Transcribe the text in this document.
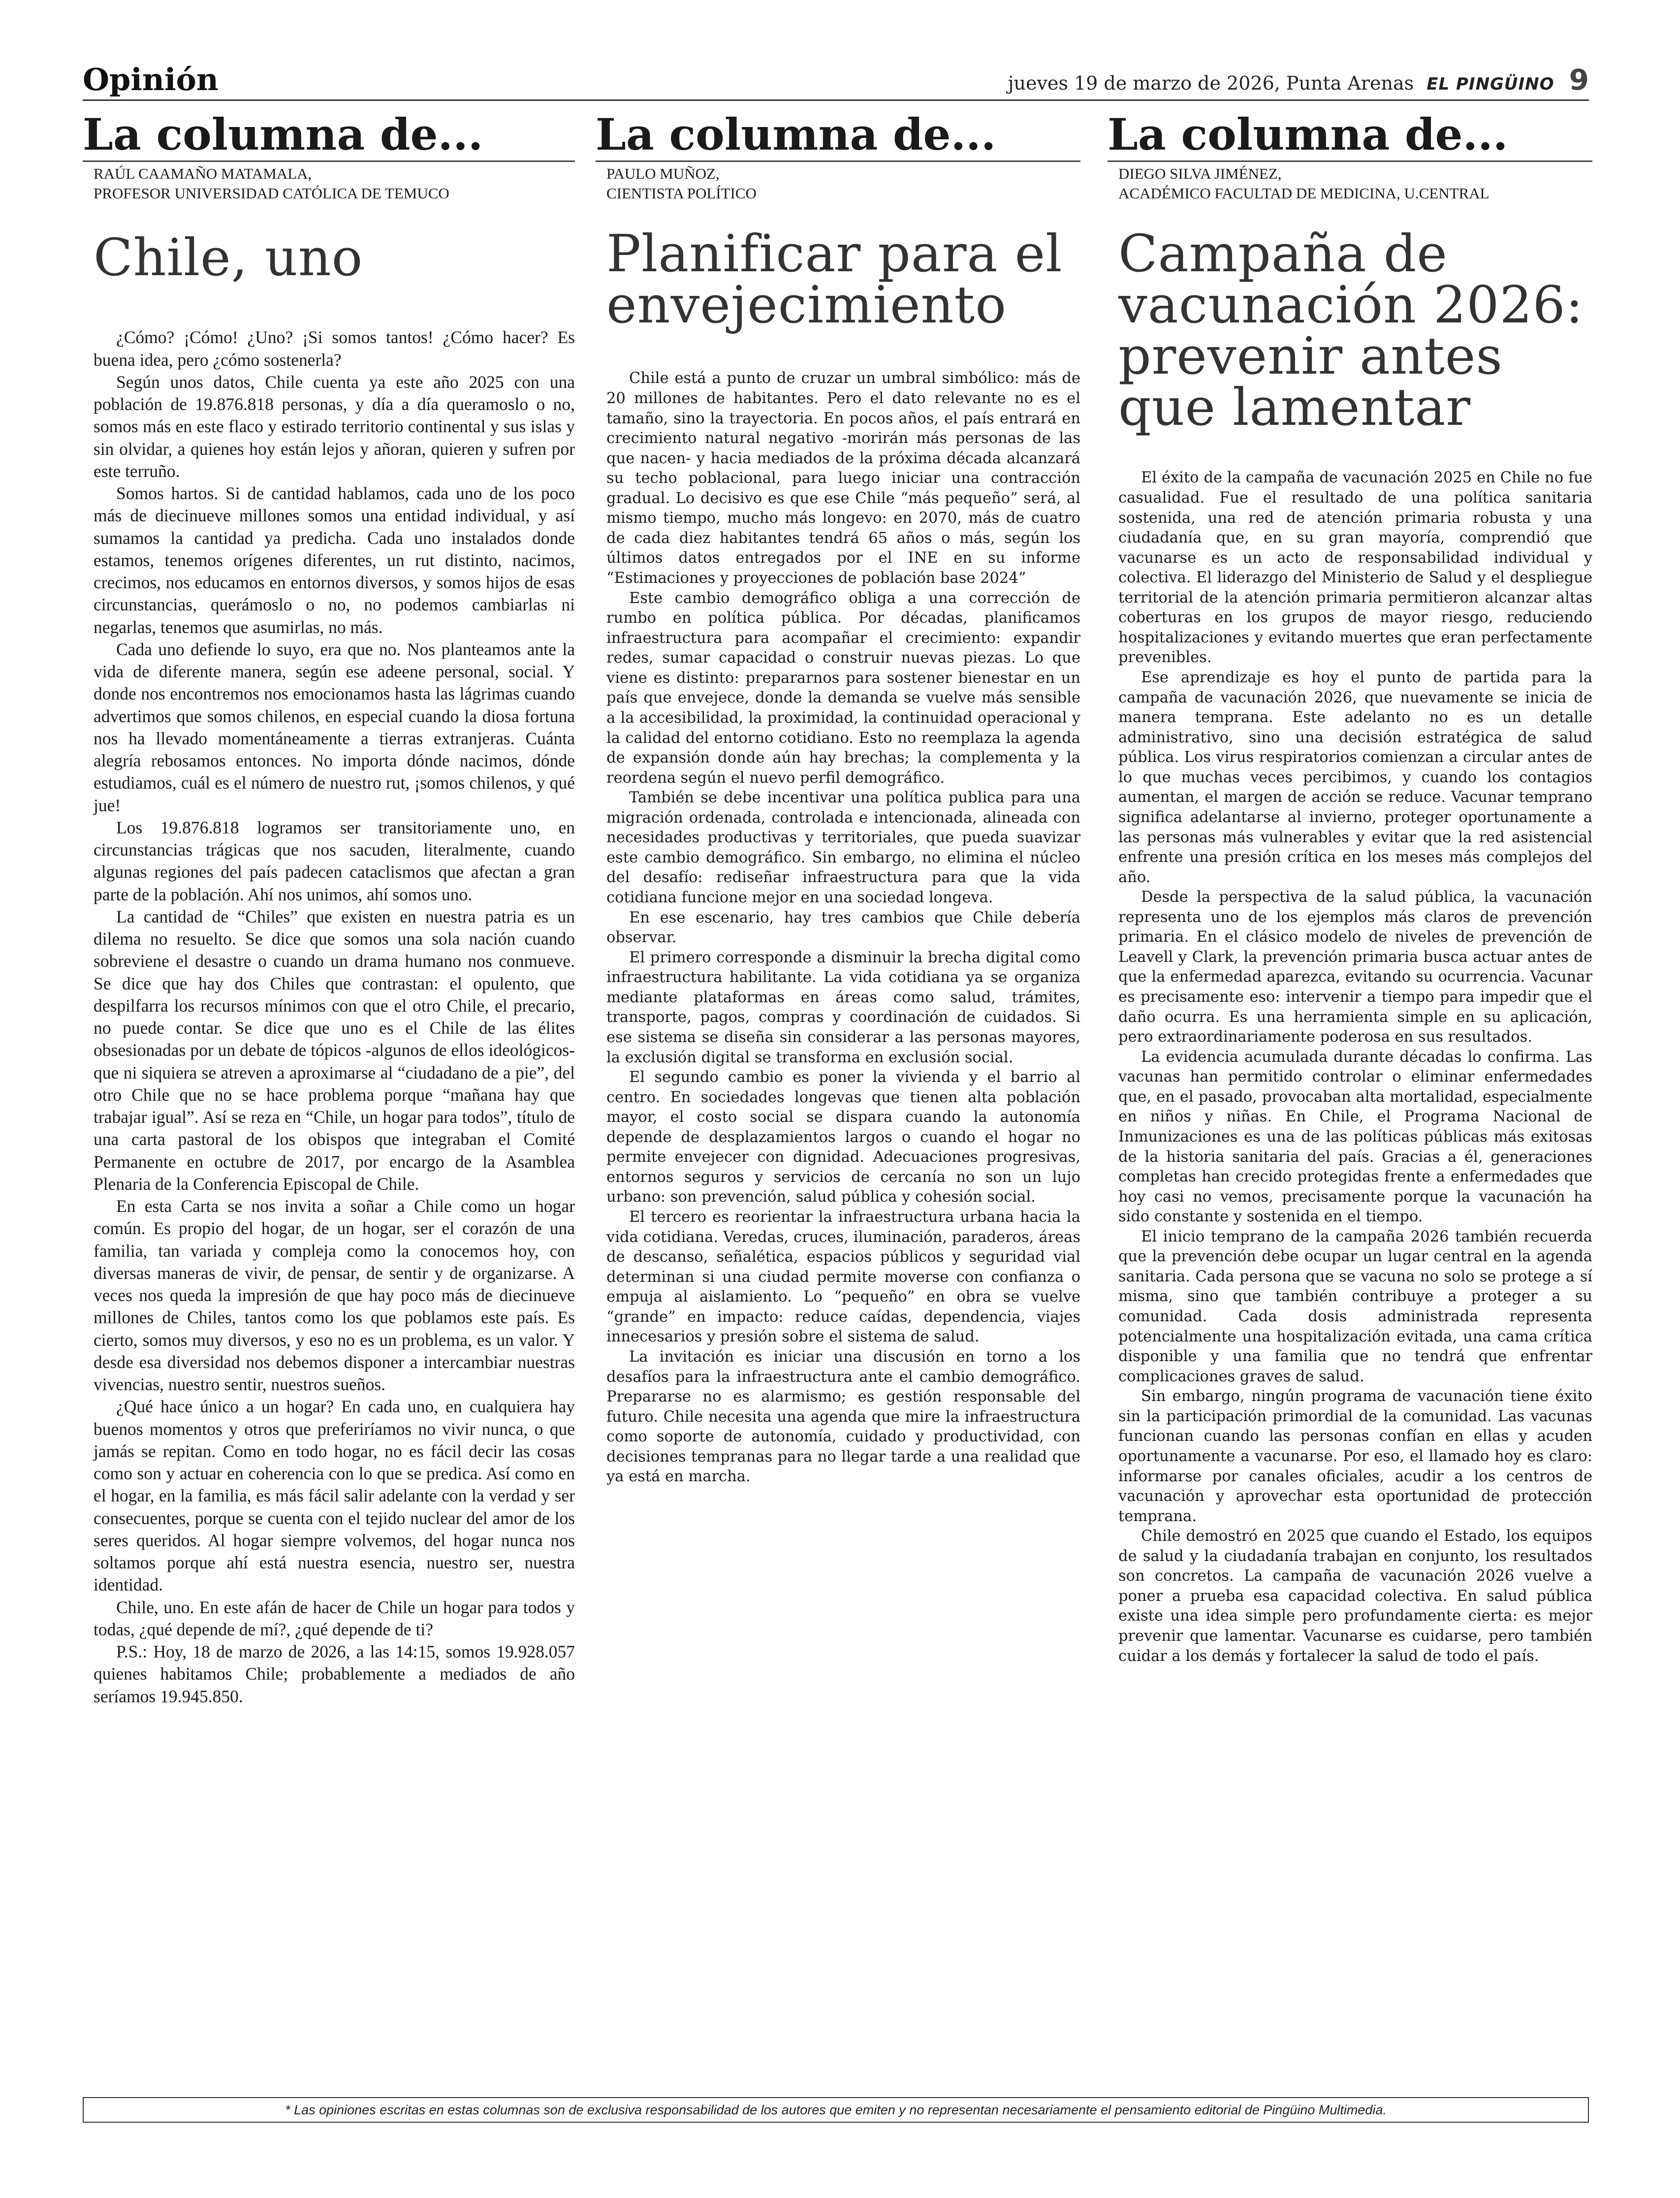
Opinión	jueves 19 de marzo de 2026, Punta Arenas EL PINGÜINO 9
La columna de...
RAÚL CAAMAÑO MATAMALA,
PROFESOR UNIVERSIDAD CATÓLICA DE TEMUCO
Chile, uno

¿Cómo? ¡Cómo! ¿Uno? ¡Si somos tantos! ¿Cómo hacer? Es buena idea, pero ¿cómo sostenerla?

Según unos datos, Chile cuenta ya este año 2025 con una población de 19.876.818 personas, y día a día queramoslo o no, somos más en este flaco y estirado territorio continental y sus islas y sin olvidar, a quienes hoy están lejos y añoran, quieren y sufren por este terruño.

Somos hartos. Si de cantidad hablamos, cada uno de los poco más de diecinueve millones somos una entidad individual, y así sumamos la cantidad ya predicha. Cada uno instalados donde estamos, tenemos orígenes diferentes, un rut distinto, nacimos, crecimos, nos educamos en entornos diversos, y somos hijos de esas circunstancias, querámoslo o no, no podemos cambiarlas ni negarlas, tenemos que asumirlas, no más.

Cada uno defiende lo suyo, era que no. Nos planteamos ante la vida de diferente manera, según ese adeene personal, social. Y donde nos encontremos nos emocionamos hasta las lágrimas cuando advertimos que somos chilenos, en especial cuando la diosa fortuna nos ha llevado momentáneamente a tierras extranjeras. Cuánta alegría rebosamos entonces. No importa dónde nacimos, dónde estudiamos, cuál es el número de nuestro rut, ¡somos chilenos, y qué jue!

Los 19.876.818 logramos ser transitoriamente uno, en circunstancias trágicas que nos sacuden, literalmente, cuando algunas regiones del país padecen cataclismos que afectan a gran parte de la población. Ahí nos unimos, ahí somos uno.

La cantidad de “Chiles” que existen en nuestra patria es un dilema no resuelto. Se dice que somos una sola nación cuando sobreviene el desastre o cuando un drama humano nos conmueve. Se dice que hay dos Chiles que contrastan: el opulento, que despilfarra los recursos mínimos con que el otro Chile, el precario, no puede contar. Se dice que uno es el Chile de las élites obsesionadas por un debate de tópicos -algunos de ellos ideológicos- que ni siquiera se atreven a aproximarse al “ciudadano de a pie”, del otro Chile que no se hace problema porque “mañana hay que trabajar igual”. Así se reza en “Chile, un hogar para todos”, título de una carta pastoral de los obispos que integraban el Comité Permanente en octubre de 2017, por encargo de la Asamblea Plenaria de la Conferencia Episcopal de Chile.

En esta Carta se nos invita a soñar a Chile como un hogar común. Es propio del hogar, de un hogar, ser el corazón de una familia, tan variada y compleja como la conocemos hoy, con diversas maneras de vivir, de pensar, de sentir y de organizarse. A veces nos queda la impresión de que hay poco más de diecinueve millones de Chiles, tantos como los que poblamos este país. Es cierto, somos muy diversos, y eso no es un problema, es un valor. Y desde esa diversidad nos debemos disponer a intercambiar nuestras vivencias, nuestro sentir, nuestros sueños.

¿Qué hace único a un hogar? En cada uno, en cualquiera hay buenos momentos y otros que preferiríamos no vivir nunca, o que jamás se repitan. Como en todo hogar, no es fácil decir las cosas como son y actuar en coherencia con lo que se predica. Así como en el hogar, en la familia, es más fácil salir adelante con la verdad y ser consecuentes, porque se cuenta con el tejido nuclear del amor de los seres queridos. Al hogar siempre volvemos, del hogar nunca nos soltamos porque ahí está nuestra esencia, nuestro ser, nuestra identidad.

Chile, uno. En este afán de hacer de Chile un hogar para todos y todas, ¿qué depende de mí?, ¿qué depende de ti?

P.S.: Hoy, 18 de marzo de 2026, a las 14:15, somos 19.928.057 quienes habitamos Chile; probablemente a mediados de año seríamos 19.945.850.

La columna de...
PAULO MUÑOZ,
CIENTISTA POLÍTICO
Planificar para el envejecimiento

Chile está a punto de cruzar un umbral simbólico: más de 20 millones de habitantes. Pero el dato relevante no es el tamaño, sino la trayectoria. En pocos años, el país entrará en crecimiento natural negativo -morirán más personas de las que nacen- y hacia mediados de la próxima década alcanzará su techo poblacional, para luego iniciar una contracción gradual. Lo decisivo es que ese Chile “más pequeño” será, al mismo tiempo, mucho más longevo: en 2070, más de cuatro de cada diez habitantes tendrá 65 años o más, según los últimos datos entregados por el INE en su informe “Estimaciones y proyecciones de población base 2024”

Este cambio demográfico obliga a una corrección de rumbo en política pública. Por décadas, planificamos infraestructura para acompañar el crecimiento: expandir redes, sumar capacidad o construir nuevas piezas. Lo que viene es distinto: prepararnos para sostener bienestar en un país que envejece, donde la demanda se vuelve más sensible a la accesibilidad, la proximidad, la continuidad operacional y la calidad del entorno cotidiano. Esto no reemplaza la agenda de expansión donde aún hay brechas; la complementa y la reordena según el nuevo perfil demográfico.

También se debe incentivar una política publica para una migración ordenada, controlada e intencionada, alineada con necesidades productivas y territoriales, que pueda suavizar este cambio demográfico. Sin embargo, no elimina el núcleo del desafío: rediseñar infraestructura para que la vida cotidiana funcione mejor en una sociedad longeva.

En ese escenario, hay tres cambios que Chile debería observar.

El primero corresponde a disminuir la brecha digital como infraestructura habilitante. La vida cotidiana ya se organiza mediante plataformas en áreas como salud, trámites, transporte, pagos, compras y coordinación de cuidados. Si ese sistema se diseña sin considerar a las personas mayores, la exclusión digital se transforma en exclusión social.

El segundo cambio es poner la vivienda y el barrio al centro. En sociedades longevas que tienen alta población mayor, el costo social se dispara cuando la autonomía depende de desplazamientos largos o cuando el hogar no permite envejecer con dignidad. Adecuaciones progresivas, entornos seguros y servicios de cercanía no son un lujo urbano: son prevención, salud pública y cohesión social.

El tercero es reorientar la infraestructura urbana hacia la vida cotidiana. Veredas, cruces, iluminación, paraderos, áreas de descanso, señalética, espacios públicos y seguridad vial determinan si una ciudad permite moverse con confianza o empuja al aislamiento. Lo “pequeño” en obra se vuelve “grande” en impacto: reduce caídas, dependencia, viajes innecesarios y presión sobre el sistema de salud.

La invitación es iniciar una discusión en torno a los desafíos para la infraestructura ante el cambio demográfico. Prepararse no es alarmismo; es gestión responsable del futuro. Chile necesita una agenda que mire la infraestructura como soporte de autonomía, cuidado y productividad, con decisiones tempranas para no llegar tarde a una realidad que ya está en marcha.

La columna de...
DIEGO SILVA JIMÉNEZ,
ACADÉMICO FACULTAD DE MEDICINA, U.CENTRAL
Campaña de vacunación 2026: prevenir antes que lamentar

El éxito de la campaña de vacunación 2025 en Chile no fue casualidad. Fue el resultado de una política sanitaria sostenida, una red de atención primaria robusta y una ciudadanía que, en su gran mayoría, comprendió que vacunarse es un acto de responsabilidad individual y colectiva. El liderazgo del Ministerio de Salud y el despliegue territorial de la atención primaria permitieron alcanzar altas coberturas en los grupos de mayor riesgo, reduciendo hospitalizaciones y evitando muertes que eran perfectamente prevenibles.

Ese aprendizaje es hoy el punto de partida para la campaña de vacunación 2026, que nuevamente se inicia de manera temprana. Este adelanto no es un detalle administrativo, sino una decisión estratégica de salud pública. Los virus respiratorios comienzan a circular antes de lo que muchas veces percibimos, y cuando los contagios aumentan, el margen de acción se reduce. Vacunar temprano significa adelantarse al invierno, proteger oportunamente a las personas más vulnerables y evitar que la red asistencial enfrente una presión crítica en los meses más complejos del año.

Desde la perspectiva de la salud pública, la vacunación representa uno de los ejemplos más claros de prevención primaria. En el clásico modelo de niveles de prevención de Leavell y Clark, la prevención primaria busca actuar antes de que la enfermedad aparezca, evitando su ocurrencia. Vacunar es precisamente eso: intervenir a tiempo para impedir que el daño ocurra. Es una herramienta simple en su aplicación, pero extraordinariamente poderosa en sus resultados.

La evidencia acumulada durante décadas lo confirma. Las vacunas han permitido controlar o eliminar enfermedades que, en el pasado, provocaban alta mortalidad, especialmente en niños y niñas. En Chile, el Programa Nacional de Inmunizaciones es una de las políticas públicas más exitosas de la historia sanitaria del país. Gracias a él, generaciones completas han crecido protegidas frente a enfermedades que hoy casi no vemos, precisamente porque la vacunación ha sido constante y sostenida en el tiempo.

El inicio temprano de la campaña 2026 también recuerda que la prevención debe ocupar un lugar central en la agenda sanitaria. Cada persona que se vacuna no solo se protege a sí misma, sino que también contribuye a proteger a su comunidad. Cada dosis administrada representa potencialmente una hospitalización evitada, una cama crítica disponible y una familia que no tendrá que enfrentar complicaciones graves de salud.

Sin embargo, ningún programa de vacunación tiene éxito sin la participación primordial de la comunidad. Las vacunas funcionan cuando las personas confían en ellas y acuden oportunamente a vacunarse. Por eso, el llamado hoy es claro: informarse por canales oficiales, acudir a los centros de vacunación y aprovechar esta oportunidad de protección temprana.

Chile demostró en 2025 que cuando el Estado, los equipos de salud y la ciudadanía trabajan en conjunto, los resultados son concretos. La campaña de vacunación 2026 vuelve a poner a prueba esa capacidad colectiva. En salud pública existe una idea simple pero profundamente cierta: es mejor prevenir que lamentar. Vacunarse es cuidarse, pero también cuidar a los demás y fortalecer la salud de todo el país.

* Las opiniones escritas en estas columnas son de exclusiva responsabilidad de los autores que emiten y no representan necesariamente el pensamiento editorial de Pingüino Multimedia.
